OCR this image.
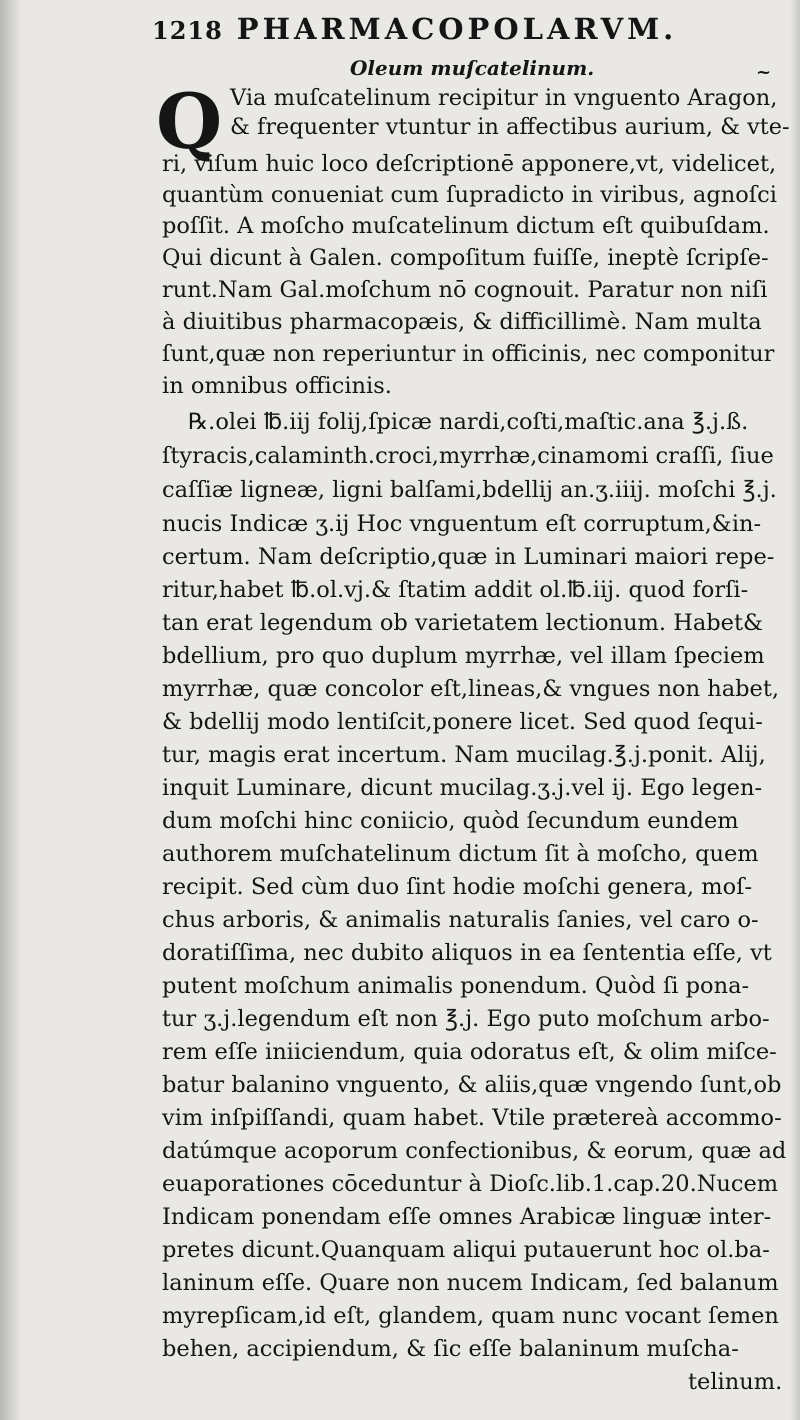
1218 PHARMACOPOLARVM.
Oleum muſcatelinum.	~
Q Via muſcatelinum recipitur in vnguento Aragon,
& frequenter vtuntur in affectibus aurium, & vte-
ri, viſum huic loco deſcriptionē apponere,vt, videlicet,
quantùm conueniat cum ſupradicto in viribus, agnoſci
poſſit. A moſcho muſcatelinum dictum eſt quibuſdam.
Qui dicunt à Galen. compoſitum fuiſſe, ineptè ſcripſe-
runt.Nam Gal.moſchum nō cognouit. Paratur non niſi
à diuitibus pharmacopæis, & difficillimè. Nam multa
ſunt,quæ non reperiuntur in officinis, nec componitur
in omnibus officinis.
℞.olei ℔.iij folij,ſpicæ nardi,coſti,maſtic.ana ℥.j.ß.
ſtyracis,calaminth.croci,myrrhæ,cinamomi craſſi, ſiue
caſſiæ ligneæ, ligni balſami,bdellij an.ʒ.iiij. moſchi ℥.j.
nucis Indicæ ʒ.ij Hoc vnguentum eſt corruptum,&in-
certum. Nam deſcriptio,quæ in Luminari maiori repe-
ritur,habet ℔.ol.vj.& ſtatim addit ol.℔.iij. quod forſi-
tan erat legendum ob varietatem lectionum. Habet&
bdellium, pro quo duplum myrrhæ, vel illam ſpeciem
myrrhæ, quæ concolor eſt,lineas,& vngues non habet,
& bdellij modo lentiſcit,ponere licet. Sed quod ſequi-
tur, magis erat incertum. Nam mucilag.℥.j.ponit. Alij,
inquit Luminare, dicunt mucilag.ʒ.j.vel ij. Ego legen-
dum moſchi hinc coniicio, quòd ſecundum eundem
authorem muſchatelinum dictum ſit à moſcho, quem
recipit. Sed cùm duo ſint hodie moſchi genera, moſ-
chus arboris, & animalis naturalis ſanies, vel caro o-
doratiſſima, nec dubito aliquos in ea ſententia eſſe, vt
putent moſchum animalis ponendum. Quòd ſi pona-
tur ʒ.j.legendum eſt non ℥.j. Ego puto moſchum arbo-
rem eſſe iniiciendum, quia odoratus eſt, & olim miſce-
batur balanino vnguento, & aliis,quæ vngendo ſunt,ob
vim inſpiſſandi, quam habet. Vtile prætereà accommo-
datúmque acoporum confectionibus, & eorum, quæ ad
euaporationes cōceduntur à Dioſc.lib.1.cap.20.Nucem
Indicam ponendam eſſe omnes Arabicæ linguæ inter-
pretes dicunt.Quanquam aliqui putauerunt hoc ol.ba-
laninum eſſe. Quare non nucem Indicam, ſed balanum
myrepſicam,id eſt, glandem, quam nunc vocant ſemen
behen, accipiendum, & ſic eſſe balaninum muſcha-
telinum.
